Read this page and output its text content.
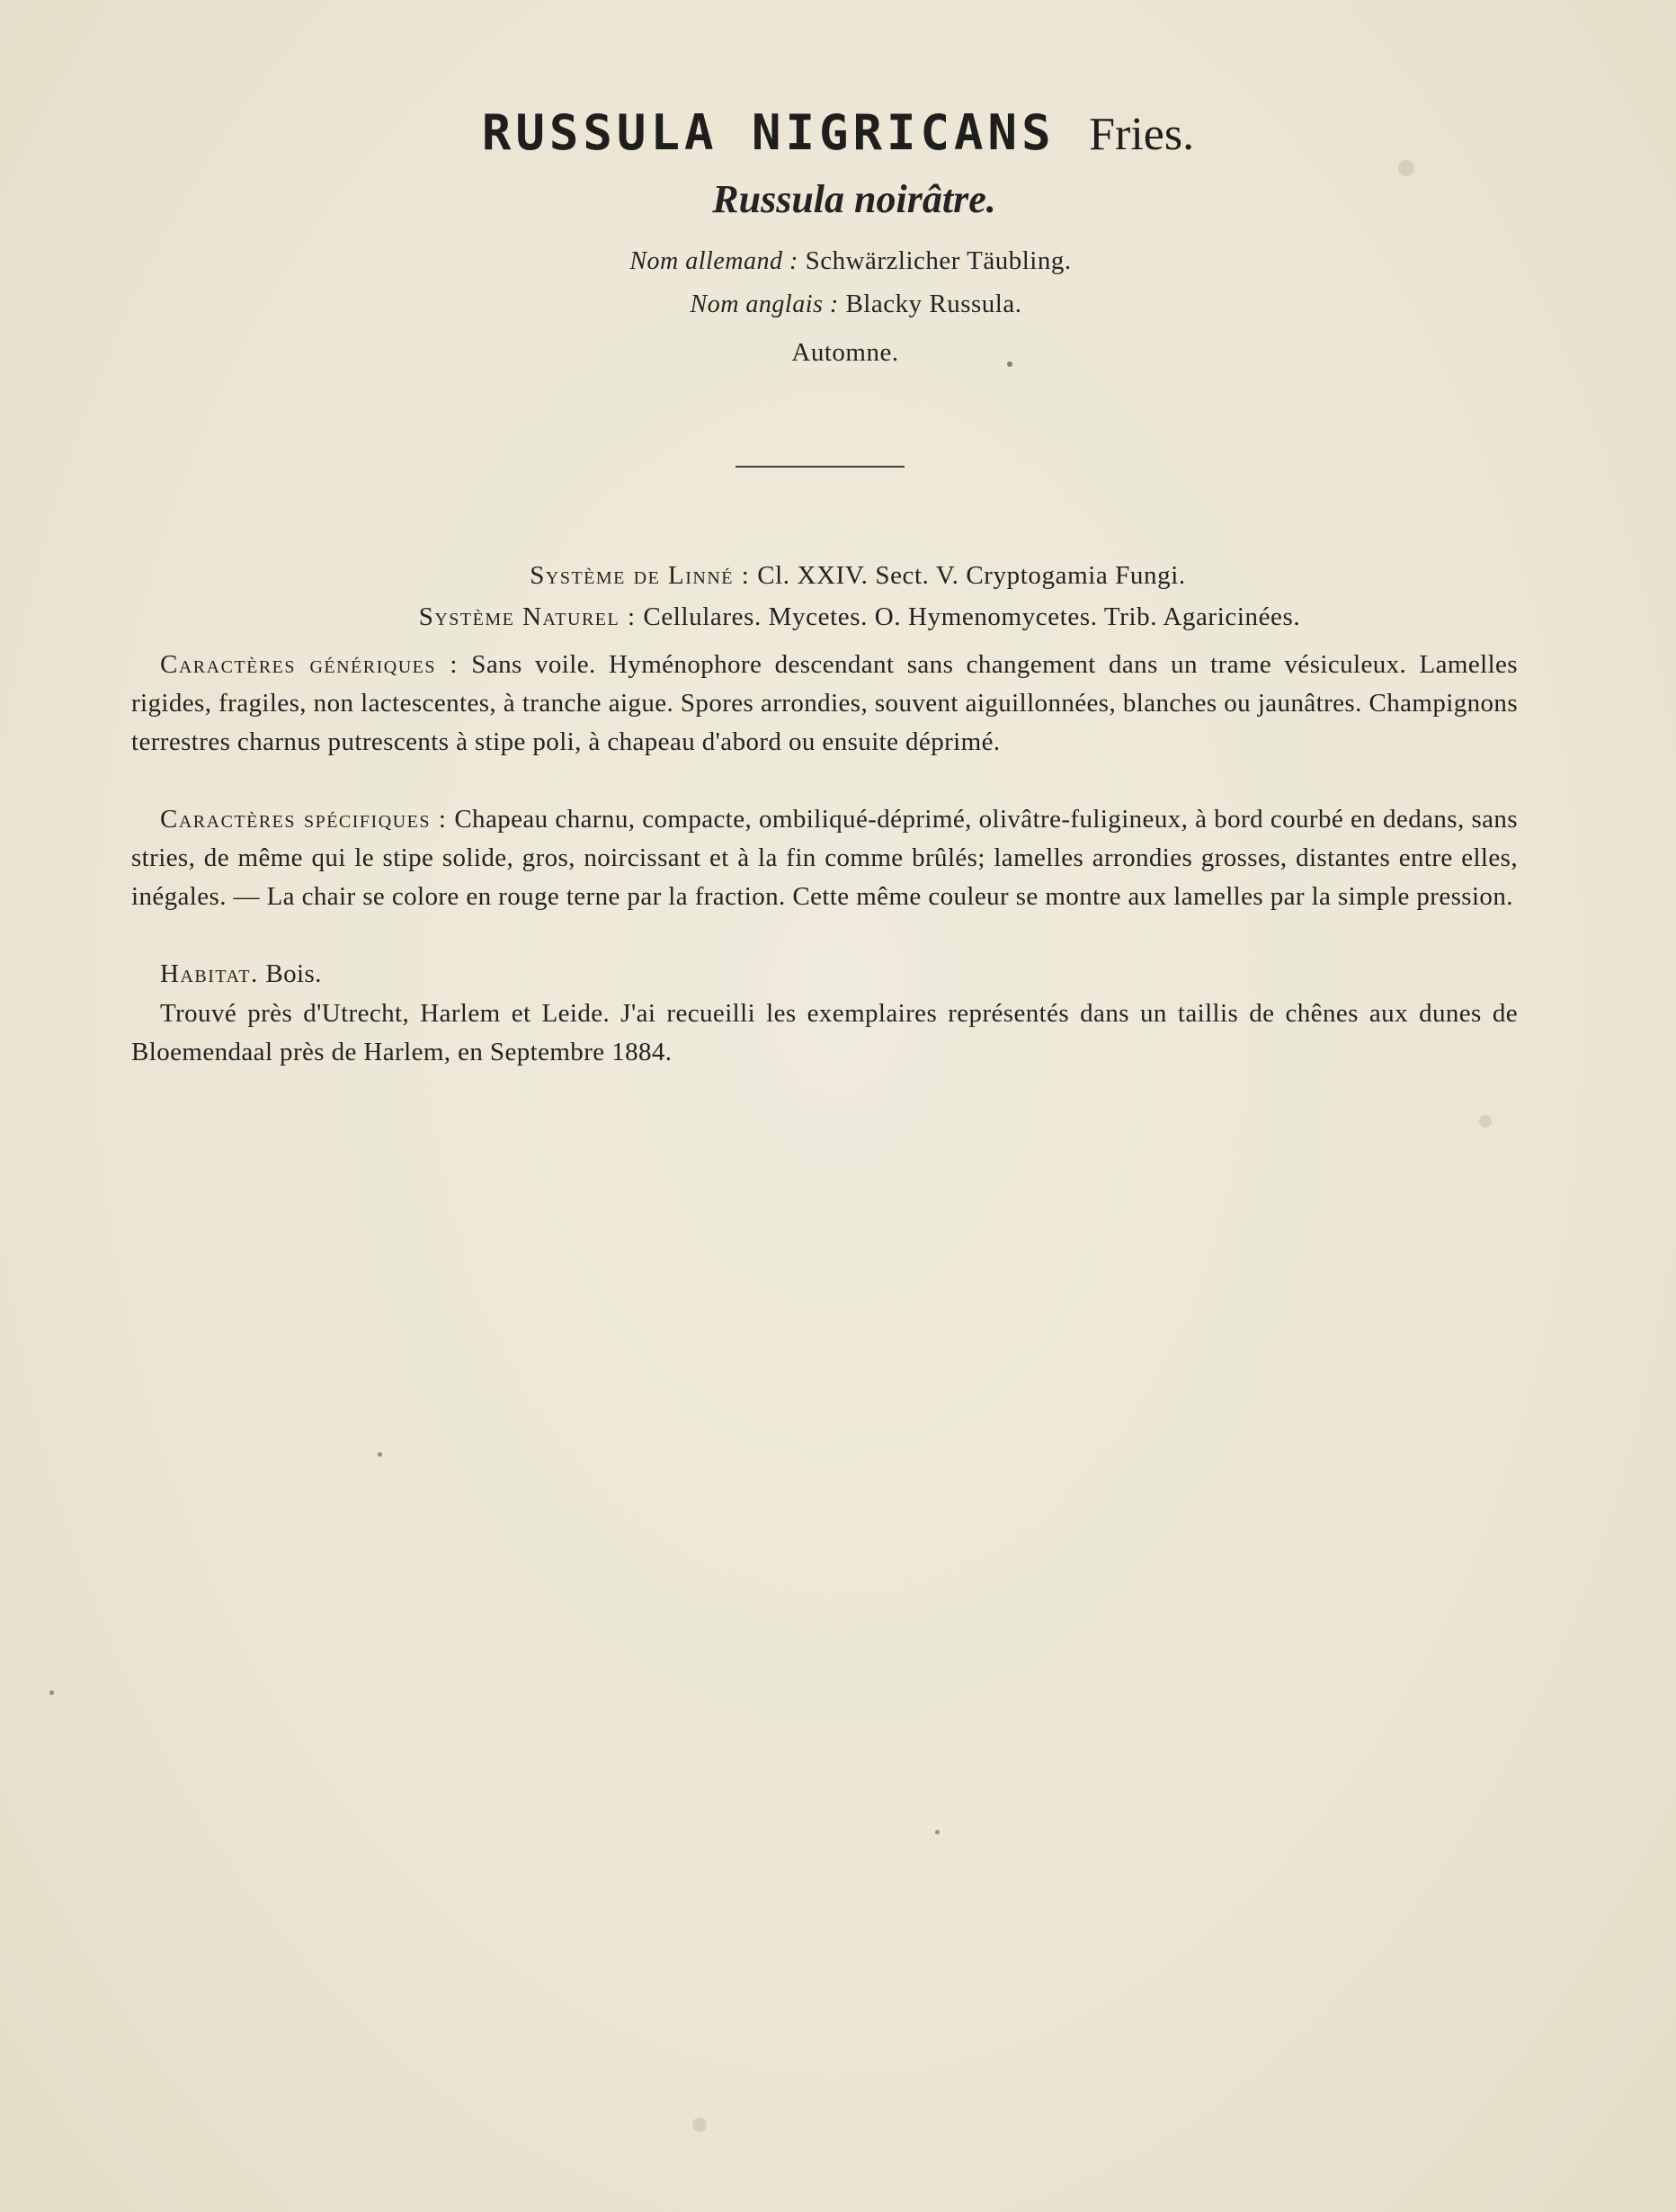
RUSSULA NIGRICANS Fries.
Russula noirâtre.
Nom allemand : Schwärzlicher Täubling.
Nom anglais : Blacky Russula.
Automne.
Système de Linné : Cl. XXIV. Sect. V. Cryptogamia Fungi.
Système Naturel : Cellulares. Mycetes. O. Hymenomycetes. Trib. Agaricinées.

Caractères génériques : Sans voile. Hyménophore descendant sans changement dans un trame vésiculeux. Lamelles rigides, fragiles, non lactescentes, à tranche aigue. Spores arrondies, souvent aiguillonnées, blanches ou jaunâtres. Champignons terrestres charnus putrescents à stipe poli, à chapeau d'abord ou ensuite déprimé.

Caractères spécifiques : Chapeau charnu, compacte, ombiliqué-déprimé, olivâtre-fuligineux, à bord courbé en dedans, sans stries, de même qui le stipe solide, gros, noircissant et à la fin comme brûlés; lamelles arrondies grosses, distantes entre elles, inégales. — La chair se colore en rouge terne par la fraction. Cette même couleur se montre aux lamelles par la simple pression.

Habitat. Bois.

Trouvé près d'Utrecht, Harlem et Leide. J'ai recueilli les exemplaires représentés dans un taillis de chênes aux dunes de Bloemendaal près de Harlem, en Septembre 1884.
